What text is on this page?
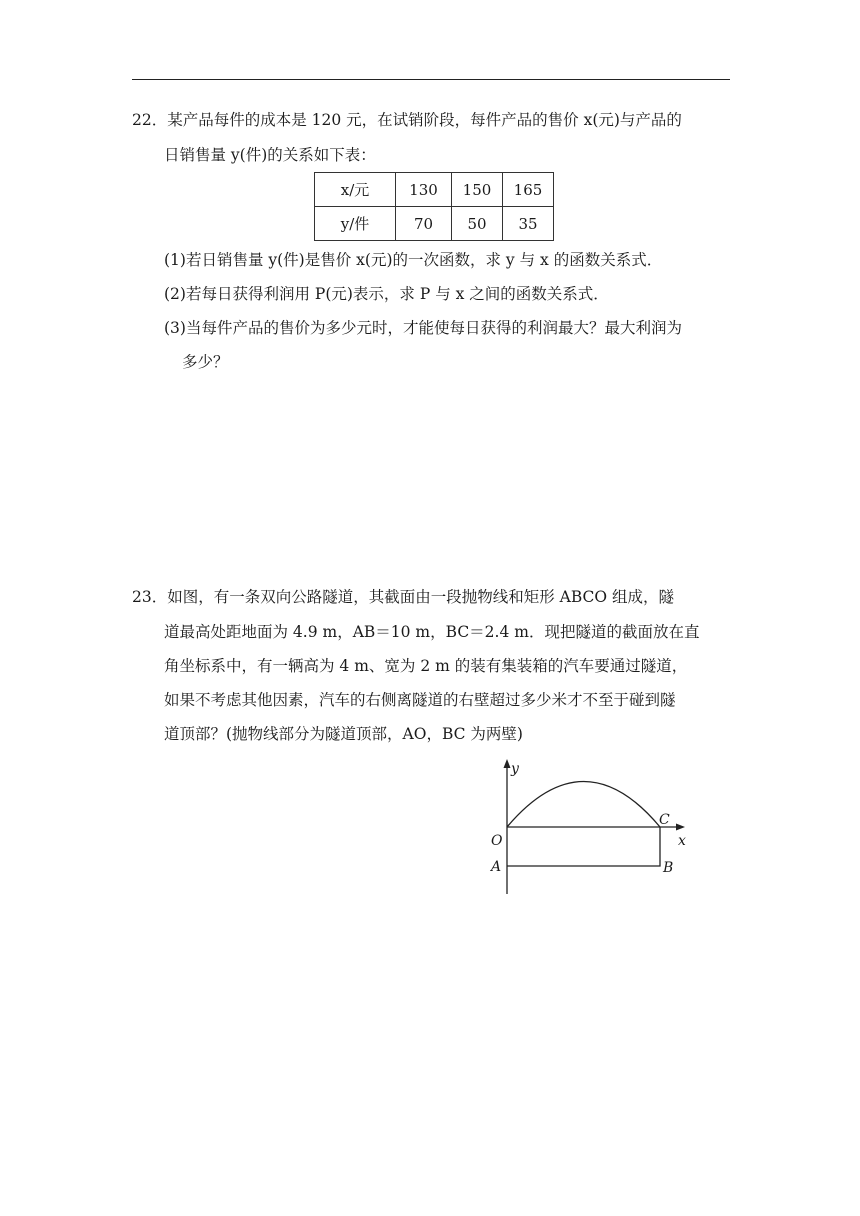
22．某产品每件的成本是 120 元，在试销阶段，每件产品的售价 x(元)与产品的
日销售量 y(件)的关系如下表：
x/元	130	150	165
y/件	70	50	35
(1)若日销售量 y(件)是售价 x(元)的一次函数，求 y 与 x 的函数关系式．
(2)若每日获得利润用 P(元)表示，求 P 与 x 之间的函数关系式．
(3)当每件产品的售价为多少元时，才能使每日获得的利润最大？最大利润为
多少？
23．如图，有一条双向公路隧道，其截面由一段抛物线和矩形 ABCO 组成，隧
道最高处距地面为 4.9 m，AB＝10 m，BC＝2.4 m．现把隧道的截面放在直
角坐标系中，有一辆高为 4 m、宽为 2 m 的装有集装箱的汽车要通过隧道，
如果不考虑其他因素，汽车的右侧离隧道的右壁超过多少米才不至于碰到隧
道顶部？(抛物线部分为隧道顶部，AO，BC 为两壁)
y
x
O
C
A	B
